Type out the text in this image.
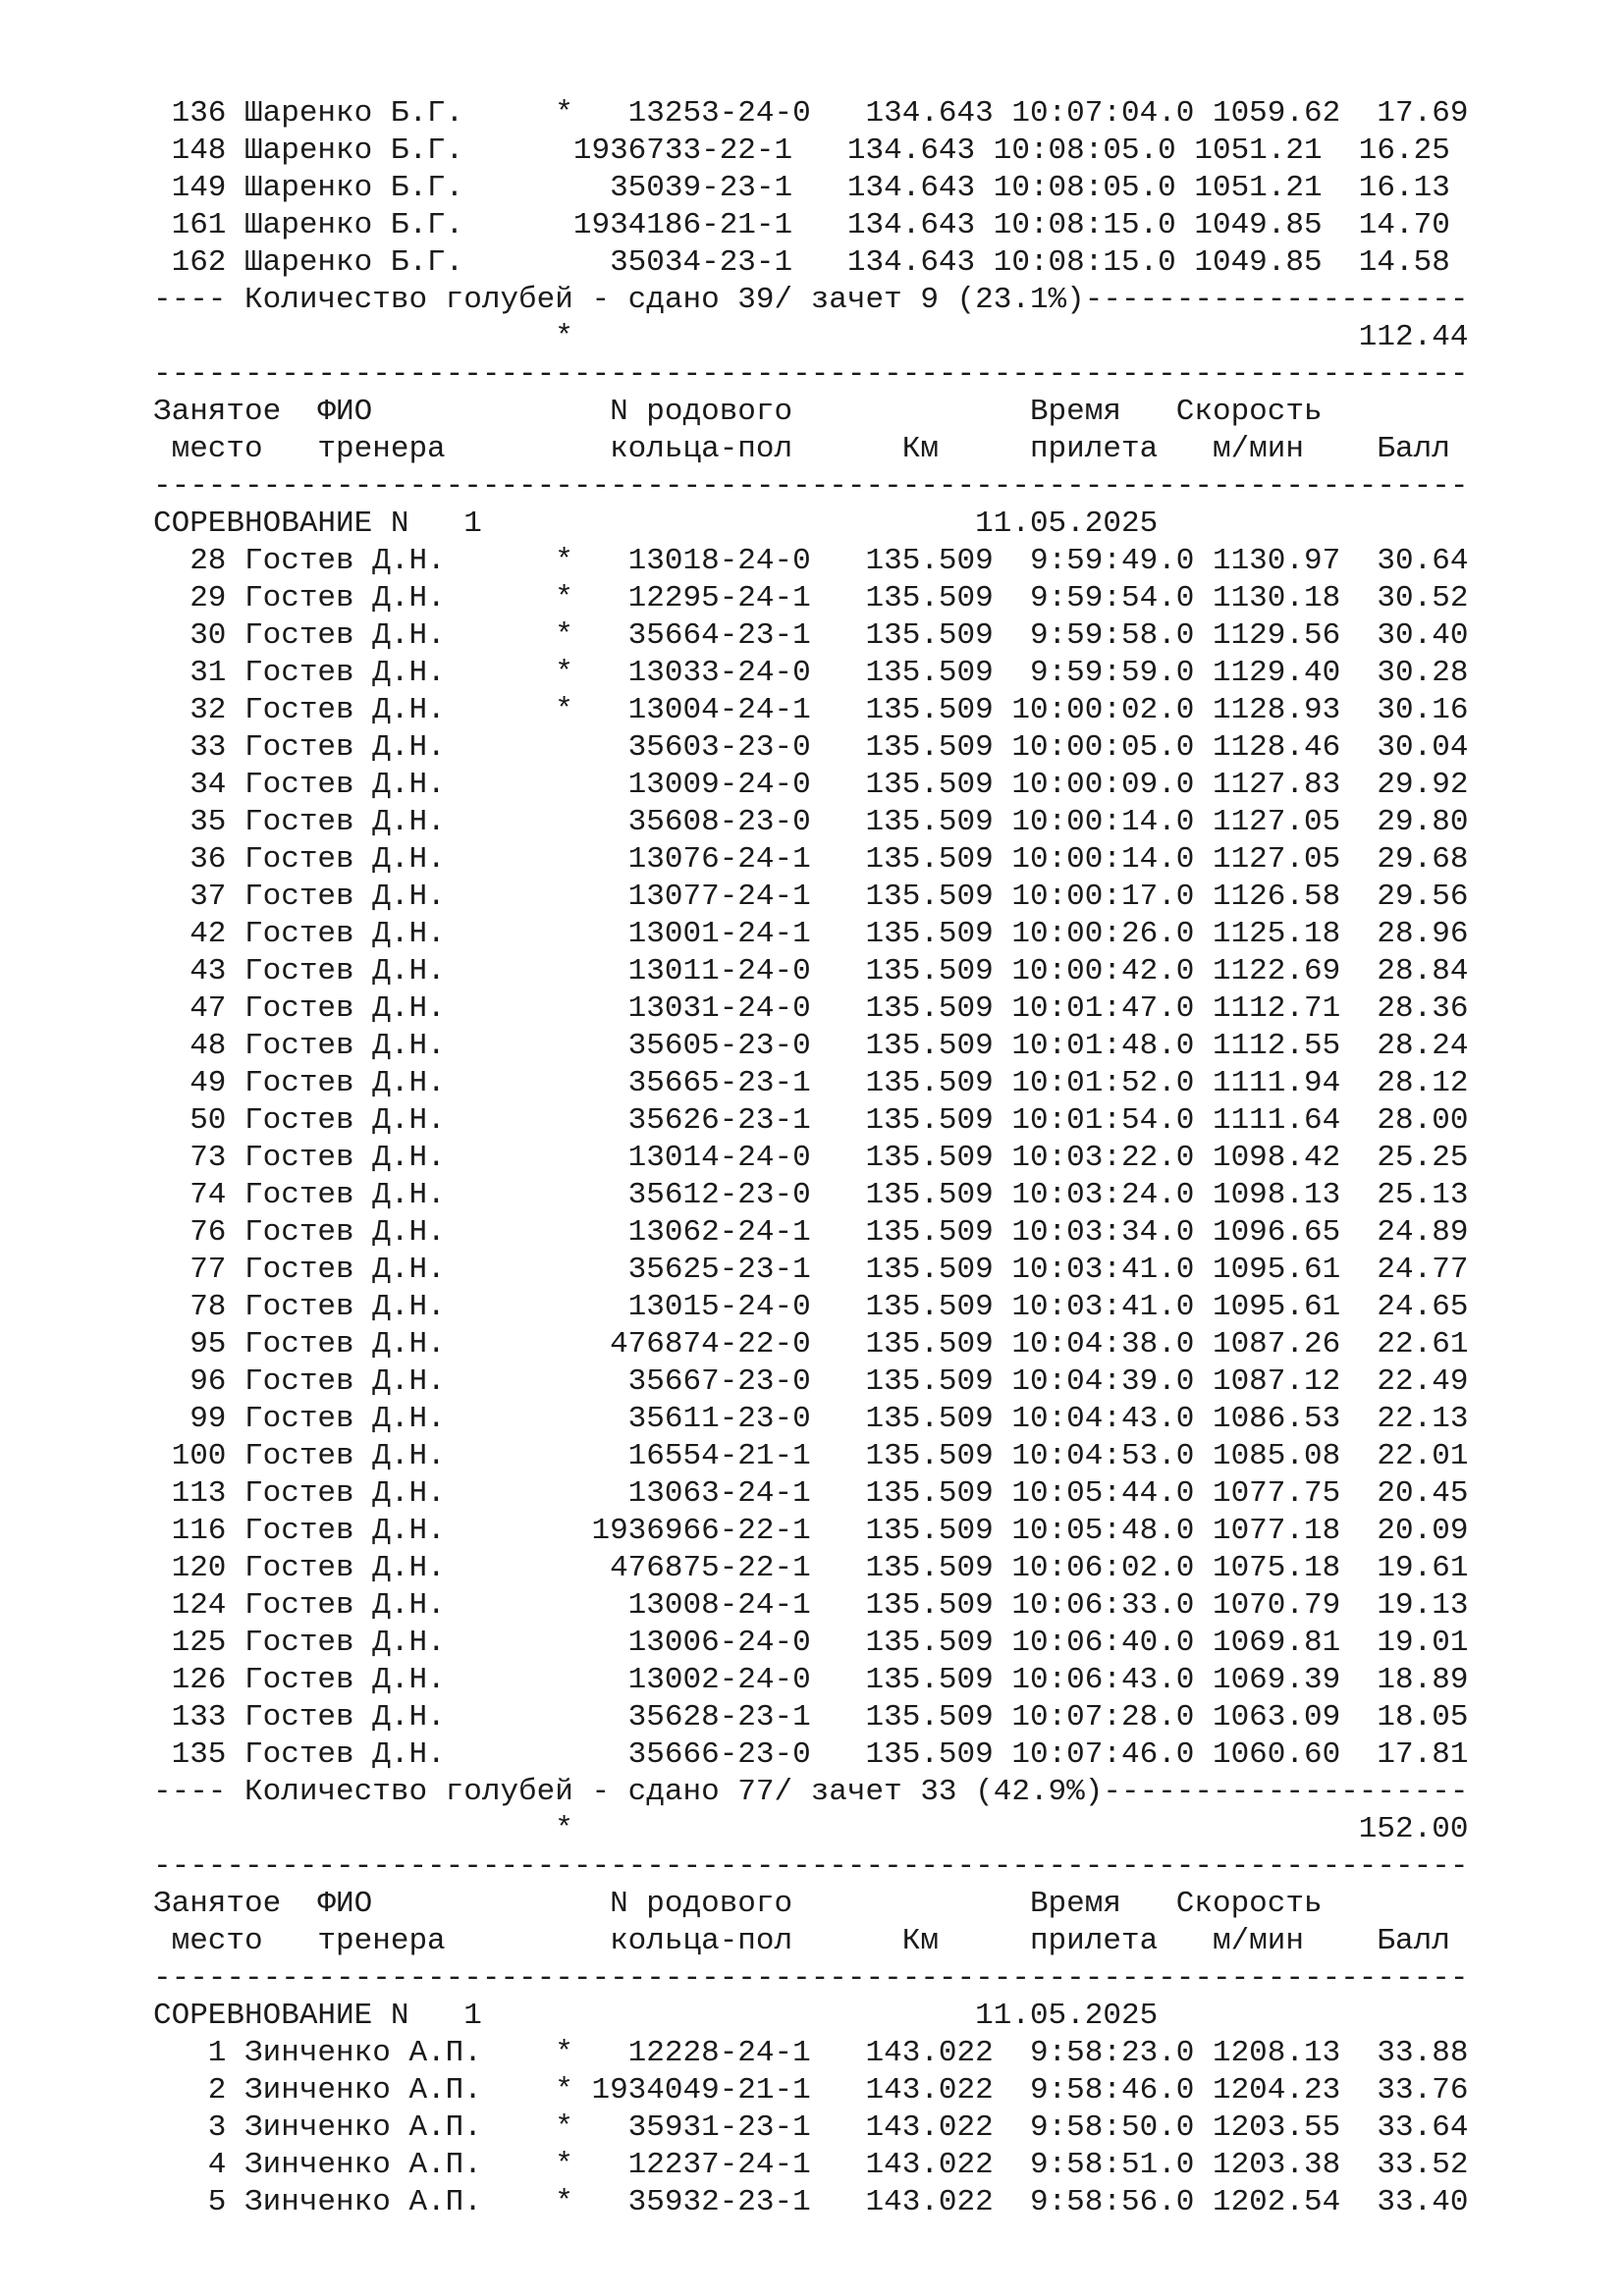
136 Шаренко Б.Г.     *   13253-24-0   134.643 10:07:04.0 1059.62  17.69
148 Шаренко Б.Г.      1936733-22-1   134.643 10:08:05.0 1051.21  16.25
149 Шаренко Б.Г.        35039-23-1   134.643 10:08:05.0 1051.21  16.13
161 Шаренко Б.Г.      1934186-21-1   134.643 10:08:15.0 1049.85  14.70
162 Шаренко Б.Г.        35034-23-1   134.643 10:08:15.0 1049.85  14.58
---- Количество голубей - сдано 39/ зачет 9 (23.1%)---------------------
*                                           112.44
------------------------------------------------------------------------
Занятое  ФИО             N родового             Время   Скорость
место   тренера         кольца-пол      Км     прилета   м/мин    Балл
------------------------------------------------------------------------
СОРЕВНОВАНИЕ N   1                           11.05.2025
28 Гостев Д.Н.      *   13018-24-0   135.509  9:59:49.0 1130.97  30.64
29 Гостев Д.Н.      *   12295-24-1   135.509  9:59:54.0 1130.18  30.52
30 Гостев Д.Н.      *   35664-23-1   135.509  9:59:58.0 1129.56  30.40
31 Гостев Д.Н.      *   13033-24-0   135.509  9:59:59.0 1129.40  30.28
32 Гостев Д.Н.      *   13004-24-1   135.509 10:00:02.0 1128.93  30.16
33 Гостев Д.Н.          35603-23-0   135.509 10:00:05.0 1128.46  30.04
34 Гостев Д.Н.          13009-24-0   135.509 10:00:09.0 1127.83  29.92
35 Гостев Д.Н.          35608-23-0   135.509 10:00:14.0 1127.05  29.80
36 Гостев Д.Н.          13076-24-1   135.509 10:00:14.0 1127.05  29.68
37 Гостев Д.Н.          13077-24-1   135.509 10:00:17.0 1126.58  29.56
42 Гостев Д.Н.          13001-24-1   135.509 10:00:26.0 1125.18  28.96
43 Гостев Д.Н.          13011-24-0   135.509 10:00:42.0 1122.69  28.84
47 Гостев Д.Н.          13031-24-0   135.509 10:01:47.0 1112.71  28.36
48 Гостев Д.Н.          35605-23-0   135.509 10:01:48.0 1112.55  28.24
49 Гостев Д.Н.          35665-23-1   135.509 10:01:52.0 1111.94  28.12
50 Гостев Д.Н.          35626-23-1   135.509 10:01:54.0 1111.64  28.00
73 Гостев Д.Н.          13014-24-0   135.509 10:03:22.0 1098.42  25.25
74 Гостев Д.Н.          35612-23-0   135.509 10:03:24.0 1098.13  25.13
76 Гостев Д.Н.          13062-24-1   135.509 10:03:34.0 1096.65  24.89
77 Гостев Д.Н.          35625-23-1   135.509 10:03:41.0 1095.61  24.77
78 Гостев Д.Н.          13015-24-0   135.509 10:03:41.0 1095.61  24.65
95 Гостев Д.Н.         476874-22-0   135.509 10:04:38.0 1087.26  22.61
96 Гостев Д.Н.          35667-23-0   135.509 10:04:39.0 1087.12  22.49
99 Гостев Д.Н.          35611-23-0   135.509 10:04:43.0 1086.53  22.13
100 Гостев Д.Н.          16554-21-1   135.509 10:04:53.0 1085.08  22.01
113 Гостев Д.Н.          13063-24-1   135.509 10:05:44.0 1077.75  20.45
116 Гостев Д.Н.        1936966-22-1   135.509 10:05:48.0 1077.18  20.09
120 Гостев Д.Н.         476875-22-1   135.509 10:06:02.0 1075.18  19.61
124 Гостев Д.Н.          13008-24-1   135.509 10:06:33.0 1070.79  19.13
125 Гостев Д.Н.          13006-24-0   135.509 10:06:40.0 1069.81  19.01
126 Гостев Д.Н.          13002-24-0   135.509 10:06:43.0 1069.39  18.89
133 Гостев Д.Н.          35628-23-1   135.509 10:07:28.0 1063.09  18.05
135 Гостев Д.Н.          35666-23-0   135.509 10:07:46.0 1060.60  17.81
---- Количество голубей - сдано 77/ зачет 33 (42.9%)--------------------
*                                           152.00
------------------------------------------------------------------------
Занятое  ФИО             N родового             Время   Скорость
место   тренера         кольца-пол      Км     прилета   м/мин    Балл
------------------------------------------------------------------------
СОРЕВНОВАНИЕ N   1                           11.05.2025
1 Зинченко А.П.    *   12228-24-1   143.022  9:58:23.0 1208.13  33.88
2 Зинченко А.П.    * 1934049-21-1   143.022  9:58:46.0 1204.23  33.76
3 Зинченко А.П.    *   35931-23-1   143.022  9:58:50.0 1203.55  33.64
4 Зинченко А.П.    *   12237-24-1   143.022  9:58:51.0 1203.38  33.52
5 Зинченко А.П.    *   35932-23-1   143.022  9:58:56.0 1202.54  33.40
